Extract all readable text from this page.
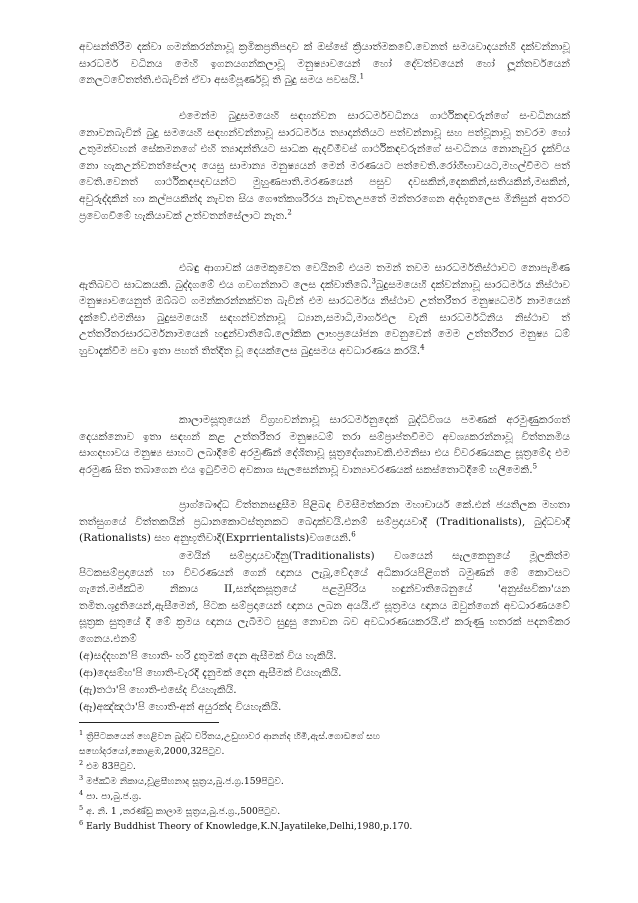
අවසන්තිරීම දක්වා ගමන්කරන්නාවූ ක්‍රමිකප්‍රතිපදාව ක් ඔස්සේ ක්‍රියාත්මකවේ.වෙනත් සමයවාදයන්හි දක්වන්නාවූ සාරධර්ම වධිනය මෙහි ඉගනයගන්කලාවූ මනුෂ්‍යාවයෙන් හෝ දේවත්වයෙන් හෝ ලූන්තර්වයෙන් නෙලටවේතත්ති.එබැවින් ඒවා අසම්පූර්ණවූ ති බුදු සමය පවසයි.$^1$

එමෙන්ම බුදුසමයෙහි සඳහන්වන සාරධර්මවධිනය ගාර්ථිකඳවරුන්ගේ සංවධිනයක් නොවනබැවින් බුදු සමයෙහි සඳහන්වන්නාවූ සාරධර්මය ත්‍යාදාන්තියට පත්වන්නාවූ සහ පත්වූනාවූ තවරම හෝ උතුමන්වහන් සේකමනගේ එහි ත්‍යාදාන්තියට සාධක ඇදවීමීවස් ගාර්ථිකඳවරුන්ගේ සංවධිනය නොනැවුර දැක්විය නො හැකඋන්වනත්සේලාද යෙසු සාමාන්‍ය මනුෂ්‍යයන් මෙන් මරණයට පත්වෙති.රෝගීභාවයට,මහල්වීමට පත් වෙති.වෙනත් ගාර්ථිකඳපදවයන්ට මුහුණපාති.මරණයෙන් පසුව දවසකින්,දෙකකින්,සතියකින්,මසකින්, අවුරුද්දකින් හා කල්පයකින්ද නැවත සිය ගෞත්කශරීරය නැවතඋපතේ මන්තරගෙන අද්භූතලෙස මිනිසුන් අතරට ප්‍රවෙගවීමේ හැකියාවක් උත්වතන්සේලාට නැත.$^2$

එබඳු ආගාවක් යමෙකුවෙත වෙයිනම් එයම තමන් තවම සාරධර්මතිස්ථාවට නොපැමිණ ඇතිබවට සාධකයකි. බුද්දගමේ එය ගවගන්නාට ලෙස දක්වාතිබේ.$^3$බුදුසමයෙහි දක්වන්නාවූ සාරධර්මය නිස්ථාව මනුෂ්‍යාවයෙනුත් ඔබ්බට ගමන්කරන්නක්වත බැවින් එම සාරධර්මය නිස්ථාව උත්තරීතර මනුෂ්‍යධර්ම නාමයෙන් දැක්වේ.එමනිසා බුදුසමයෙහි සඳහන්වන්නාවූ ධ්‍යාන,සමාධි,මාර්ගඵල වැනි සාරධර්මධිනිය නිස්ථාව ත් උත්තරීතරසාරධර්මනාමයෙන් හඳුන්වාතිබේ.ලෝකික ලාභප්‍රයෝජන වෙනුවෙන් මෙම උත්තරීතර මනුෂ්‍ය ධම් හුවාදැක්වීම පවා ඉතා පහත් තිත්දිත වූ දෙයක්ලෙස බුදුසමය අවධාරණය කරයි.$^4$

කාලාමසූතුයෙන් විග්‍රහවන්නාවූ සාරධර්මනුදෙක් බුද්ධිවිශය පමණක් අරමුණුකරගත් දෙයක්නොව ඉතා සඳහන් කළ උත්තරීතර මනුෂ්‍යධම් තරා සම්ප්‍රාප්තවීමට අවශ්‍යකරන්නාවූ විත්තනමිය සාගදභාවය මනුෂ්‍ය සාහට ලබාදීමේ අරමුණින් දේශිතාවූ සූත්‍රදේශනාවකි.එමනිසා එය විවරණයකළ සූත්‍රමේද එම අරමුණ සිත තබාගෙන එය ඉටුවීමට අවකාශ සැලසෙන්නාවූ වාන්‍යාවරණයක් සකස්තොටදීමේ හලීමෙකි.$^5$

ප්‍රාග්බෞද්ධ විත්තනසඳුසීම පිළිබඳ විමසීමත්කරන මහාචාර්ය කේ.එන් ජයතිලක මහතා තත්සුගයේ විත්තකයින් ප්‍රධානකොටස්තුනකට බෙදාක්වයි.එනම් සම්ප්‍රදායවාදී (Traditionalists), බුද්ධවාදී (Rationalists) සහ අනුභූතිවාදී(Exprrientalists)වශයෙනි.$^6$

මෙයින් සම්ප්‍රදායවාදීනු(Traditionalists) වශයෙන් සැලකෙනුයේ මූලකිත්ම පිටකසම්ප්‍රදායෙන් හා විවරණයන් ගෙන් ඥානය ලැබූ,වේදයේ අධිකාරයපිළිගත් බමුණන් මේ කොටසට ගැනේ.මජ්ඣිම නිකාය II,සන්දකසූත්‍රයේ පළමුපිරිය හඳුන්වාතිබෙනුයේ 'අනුස්සවිකා'යන තමිත.ශූද්‍රතියෙන්,ඇසීමෙන්, පිටක සම්ප්‍රදායෙන් ඥානය ලබන අයයි.ඒ සූත්‍රමය ඥානය ඔවුන්ගෙන් අවධාරණයවේ සූත්‍රක සුතුයේ දී මේ ක්‍රමය ඥානය ලැබීමට සුදුසු නොවන බව අවධාරණයකරයි.ඒ කරුණු හතරක් පදනම්කර ගෙනය.එනම්

(අ)සද්දහන'පි හොති- හරි ද්‍රතුමක් දෙන ඇසීමක් විය හැකියි.

(ආ)දෙසම්හ'පි හොති-වැරදි දැනුමක් දෙන ඇසීමක් වියහැකියි.

(ඇ)තථා'පි හොති-එසේද වියහැකියි.

(ඈ)අඤ්ඤථා'පි හොති-අන් අයුරක්ද වියහැකියි.

$^1$ ත්‍රිපිටකයෙන් හෙළිවන බුද්ධ චරිතය,උඩුහාවර ආනන්ද හිමි,ඇස්.ගොඩගේ සහ

සහෝදරයෝ,කොළඹ,2000,32පිටුව.

$^2$ එම 83පිටුව.

$^3$ මජ්ඣිම නිකාය,චූළසීහනාද සූත්‍රය,බු.ජ.ග්‍ර.159පිටුව.

$^4$ පා. පා,බු.ජ.ග්‍ර.

$^5$ අ. නි. 1 ,තරණ්ඩු කාලාම සූත්‍රය,බු.ජ.ග්‍ර.,500පිටුව.

$^6$ Early Buddhist Theory of Knowledge,K.N.Jayatileke,Delhi,1980,p.170.
